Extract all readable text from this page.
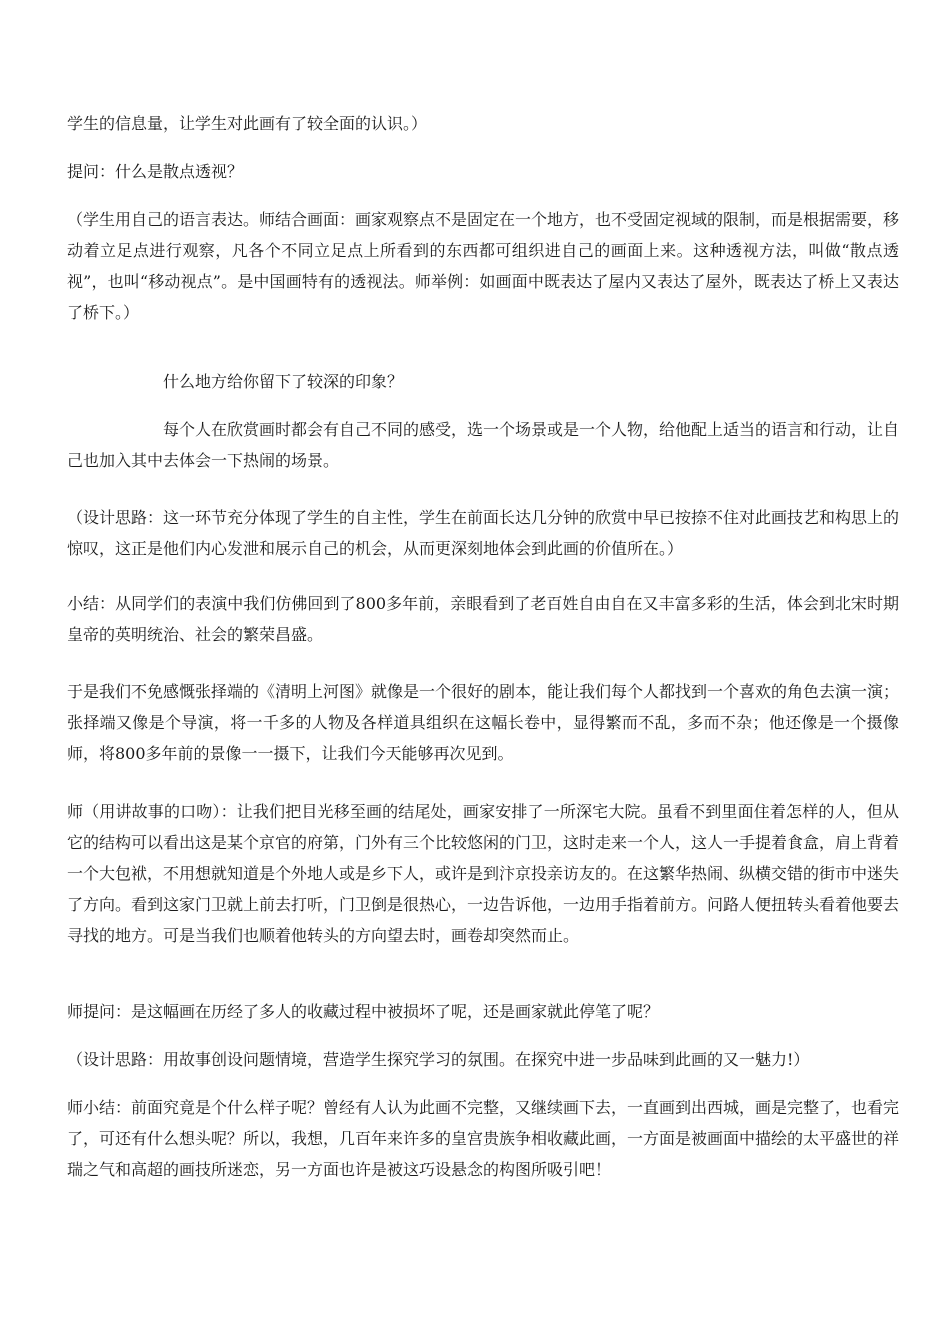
学生的信息量，让学生对此画有了较全面的认识。）

提问：什么是散点透视？

（学生用自己的语言表达。师结合画面：画家观察点不是固定在一个地方，也不受固定视域的限制，而是根据需要，移动着立足点进行观察，凡各个不同立足点上所看到的东西都可组织进自己的画面上来。这种透视方法，叫做“散点透视”，也叫“移动视点”。是中国画特有的透视法。师举例：如画面中既表达了屋内又表达了屋外，既表达了桥上又表达了桥下。）

什么地方给你留下了较深的印象？

每个人在欣赏画时都会有自己不同的感受，选一个场景或是一个人物，给他配上适当的语言和行动，让自己也加入其中去体会一下热闹的场景。

（设计思路：这一环节充分体现了学生的自主性，学生在前面长达几分钟的欣赏中早已按捺不住对此画技艺和构思上的惊叹，这正是他们内心发泄和展示自己的机会，从而更深刻地体会到此画的价值所在。）

小结：从同学们的表演中我们仿佛回到了800多年前，亲眼看到了老百姓自由自在又丰富多彩的生活，体会到北宋时期皇帝的英明统治、社会的繁荣昌盛。

于是我们不免感慨张择端的《清明上河图》就像是一个很好的剧本，能让我们每个人都找到一个喜欢的角色去演一演；张择端又像是个导演，将一千多的人物及各样道具组织在这幅长卷中，显得繁而不乱，多而不杂；他还像是一个摄像师，将800多年前的景像一一摄下，让我们今天能够再次见到。

师（用讲故事的口吻）：让我们把目光移至画的结尾处，画家安排了一所深宅大院。虽看不到里面住着怎样的人，但从它的结构可以看出这是某个京官的府第，门外有三个比较悠闲的门卫，这时走来一个人，这人一手提着食盒，肩上背着一个大包袱，不用想就知道是个外地人或是乡下人，或许是到汴京投亲访友的。在这繁华热闹、纵横交错的街市中迷失了方向。看到这家门卫就上前去打听，门卫倒是很热心，一边告诉他，一边用手指着前方。问路人便扭转头看着他要去寻找的地方。可是当我们也顺着他转头的方向望去时，画卷却突然而止。

师提问：是这幅画在历经了多人的收藏过程中被损坏了呢，还是画家就此停笔了呢？

（设计思路：用故事创设问题情境，营造学生探究学习的氛围。在探究中进一步品味到此画的又一魅力!）

师小结：前面究竟是个什么样子呢？曾经有人认为此画不完整，又继续画下去，一直画到出西城，画是完整了，也看完了，可还有什么想头呢？所以，我想，几百年来许多的皇宫贵族争相收藏此画，一方面是被画面中描绘的太平盛世的祥瑞之气和高超的画技所迷恋，另一方面也许是被这巧设悬念的构图所吸引吧！
